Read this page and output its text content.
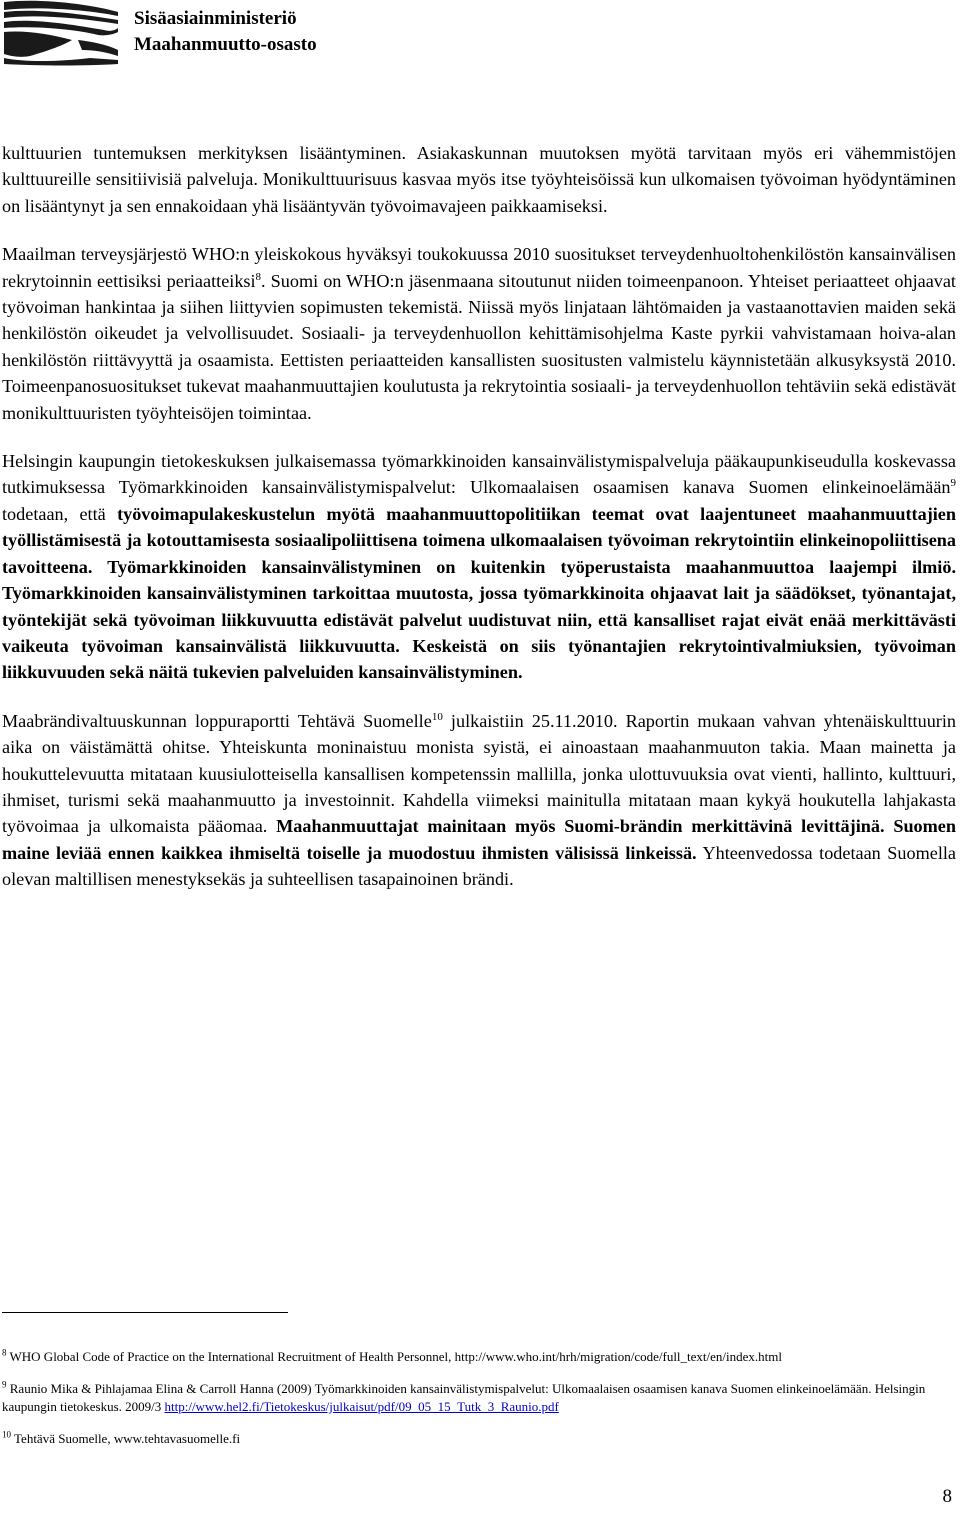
Sisäasiainministeriö
Maahanmuutto-osasto

kulttuurien tuntemuksen merkityksen lisääntyminen. Asiakaskunnan muutoksen myötä tarvitaan myös eri vähemmistöjen kulttuureille sensitiivisiä palveluja. Monikulttuurisuus kasvaa myös itse työyhteisöissä kun ulkomaisen työvoiman hyödyntäminen on lisääntynyt ja sen ennakoidaan yhä lisääntyvän työvoimavajeen paikkaamiseksi.

Maailman terveysjärjestö WHO:n yleiskokous hyväksyi toukokuussa 2010 suositukset terveydenhuoltohenkilöstön kansainvälisen rekrytoinnin eettisiksi periaatteiksi$^8$. Suomi on WHO:n jäsenmaana sitoutunut niiden toimeenpanoon. Yhteiset periaatteet ohjaavat työvoiman hankintaa ja siihen liittyvien sopimusten tekemistä. Niissä myös linjataan lähtömaiden ja vastaanottavien maiden sekä henkilöstön oikeudet ja velvollisuudet. Sosiaali- ja terveydenhuollon kehittämisohjelma Kaste pyrkii vahvistamaan hoiva-alan henkilöstön riittävyyttä ja osaamista. Eettisten periaatteiden kansallisten suositusten valmistelu käynnistetään alkusyksystä 2010. Toimeenpanosuositukset tukevat maahanmuuttajien koulutusta ja rekrytointia sosiaali- ja terveydenhuollon tehtäviin sekä edistävät monikulttuuristen työyhteisöjen toimintaa.

Helsingin kaupungin tietokeskuksen julkaisemassa työmarkkinoiden kansainvälistymispalveluja pääkaupunkiseudulla koskevassa tutkimuksessa Työmarkkinoiden kansainvälistymispalvelut: Ulkomaalaisen osaamisen kanava Suomen elinkeinoelämään$^9$ todetaan, että työvoimapulakeskustelun myötä maahanmuuttopolitiikan teemat ovat laajentuneet maahanmuuttajien työllistämisestä ja kotouttamisesta sosiaalipoliittisena toimena ulkomaalaisen työvoiman rekrytointiin elinkeinopoliittisena tavoitteena. Työmarkkinoiden kansainvälistyminen on kuitenkin työperustaista maahanmuuttoa laajempi ilmiö. Työmarkkinoiden kansainvälistyminen tarkoittaa muutosta, jossa työmarkkinoita ohjaavat lait ja säädökset, työnantajat, työntekijät sekä työvoiman liikkuvuutta edistävät palvelut uudistuvat niin, että kansalliset rajat eivät enää merkittävästi vaikeuta työvoiman kansainvälistä liikkuvuutta. Keskeistä on siis työnantajien rekrytointivalmiuksien, työvoiman liikkuvuuden sekä näitä tukevien palveluiden kansainvälistyminen.

Maabrändivaltuuskunnan loppuraportti Tehtävä Suomelle$^{10}$ julkaistiin 25.11.2010. Raportin mukaan vahvan yhtenäiskulttuurin aika on väistämättä ohitse. Yhteiskunta moninaistuu monista syistä, ei ainoastaan maahanmuuton takia. Maan mainetta ja houkuttelevuutta mitataan kuusiulotteisella kansallisen kompetenssin mallilla, jonka ulottuvuuksia ovat vienti, hallinto, kulttuuri, ihmiset, turismi sekä maahanmuutto ja investoinnit. Kahdella viimeksi mainitulla mitataan maan kykyä houkutella lahjakasta työvoimaa ja ulkomaista pääomaa. Maahanmuuttajat mainitaan myös Suomi-brändin merkittävinä levittäjinä. Suomen maine leviää ennen kaikkea ihmiseltä toiselle ja muodostuu ihmisten välisissä linkeissä. Yhteenvedossa todetaan Suomella olevan maltillisen menestyksekäs ja suhteellisen tasapainoinen brändi.

$^8$ WHO Global Code of Practice on the International Recruitment of Health Personnel, http://www.who.int/hrh/migration/code/full_text/en/index.html

$^9$ Raunio Mika & Pihlajamaa Elina & Carroll Hanna (2009) Työmarkkinoiden kansainvälistymispalvelut: Ulkomaalaisen osaamisen kanava Suomen elinkeinoelämään. Helsingin kaupungin tietokeskus. 2009/3 http://www.hel2.fi/Tietokeskus/julkaisut/pdf/09_05_15_Tutk_3_Raunio.pdf

$^{10}$ Tehtävä Suomelle, www.tehtavasuomelle.fi

8
